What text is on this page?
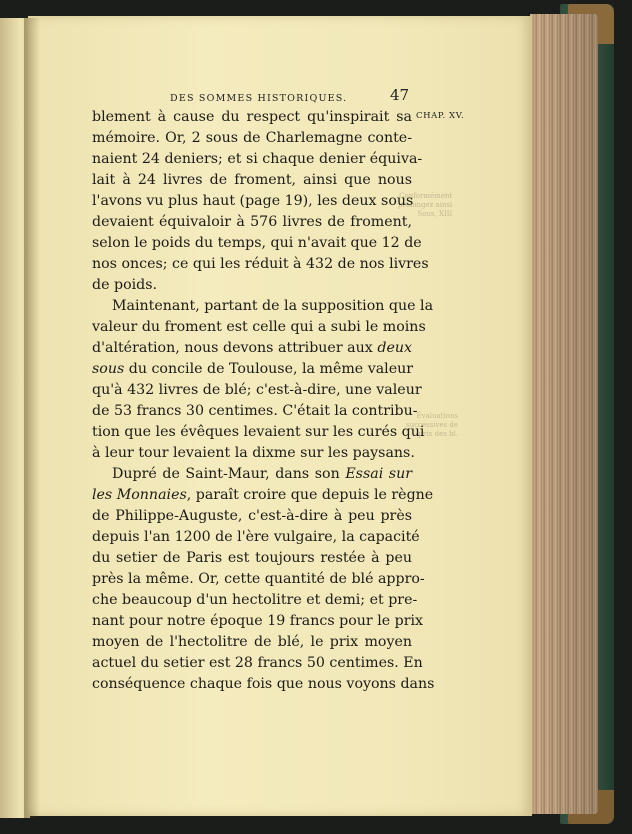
Conformément
prolongez ainsi
Sous, XIII
Évaluations
successives de
prix des bl.
DES SOMMES HISTORIQUES.	47
CHAP. XV.
blement à cause du respect qu'inspirait sa
mémoire. Or, 2 sous de Charlemagne conte-
naient 24 deniers; et si chaque denier équiva-
lait à 24 livres de froment, ainsi que nous
l'avons vu plus haut (page 19), les deux sous
devaient équivaloir à 576 livres de froment,
selon le poids du temps, qui n'avait que 12 de
nos onces; ce qui les réduit à 432 de nos livres
de poids.
Maintenant, partant de la supposition que la
valeur du froment est celle qui a subi le moins
d'altération, nous devons attribuer aux deux
sous du concile de Toulouse, la même valeur
qu'à 432 livres de blé; c'est-à-dire, une valeur
de 53 francs 30 centimes. C'était la contribu-
tion que les évêques levaient sur les curés qui
à leur tour levaient la dixme sur les paysans.
Dupré de Saint-Maur, dans son Essai sur
les Monnaies, paraît croire que depuis le règne
de Philippe-Auguste, c'est-à-dire à peu près
depuis l'an 1200 de l'ère vulgaire, la capacité
du setier de Paris est toujours restée à peu
près la même. Or, cette quantité de blé appro-
che beaucoup d'un hectolitre et demi; et pre-
nant pour notre époque 19 francs pour le prix
moyen de l'hectolitre de blé, le prix moyen
actuel du setier est 28 francs 50 centimes. En
conséquence chaque fois que nous voyons dans
